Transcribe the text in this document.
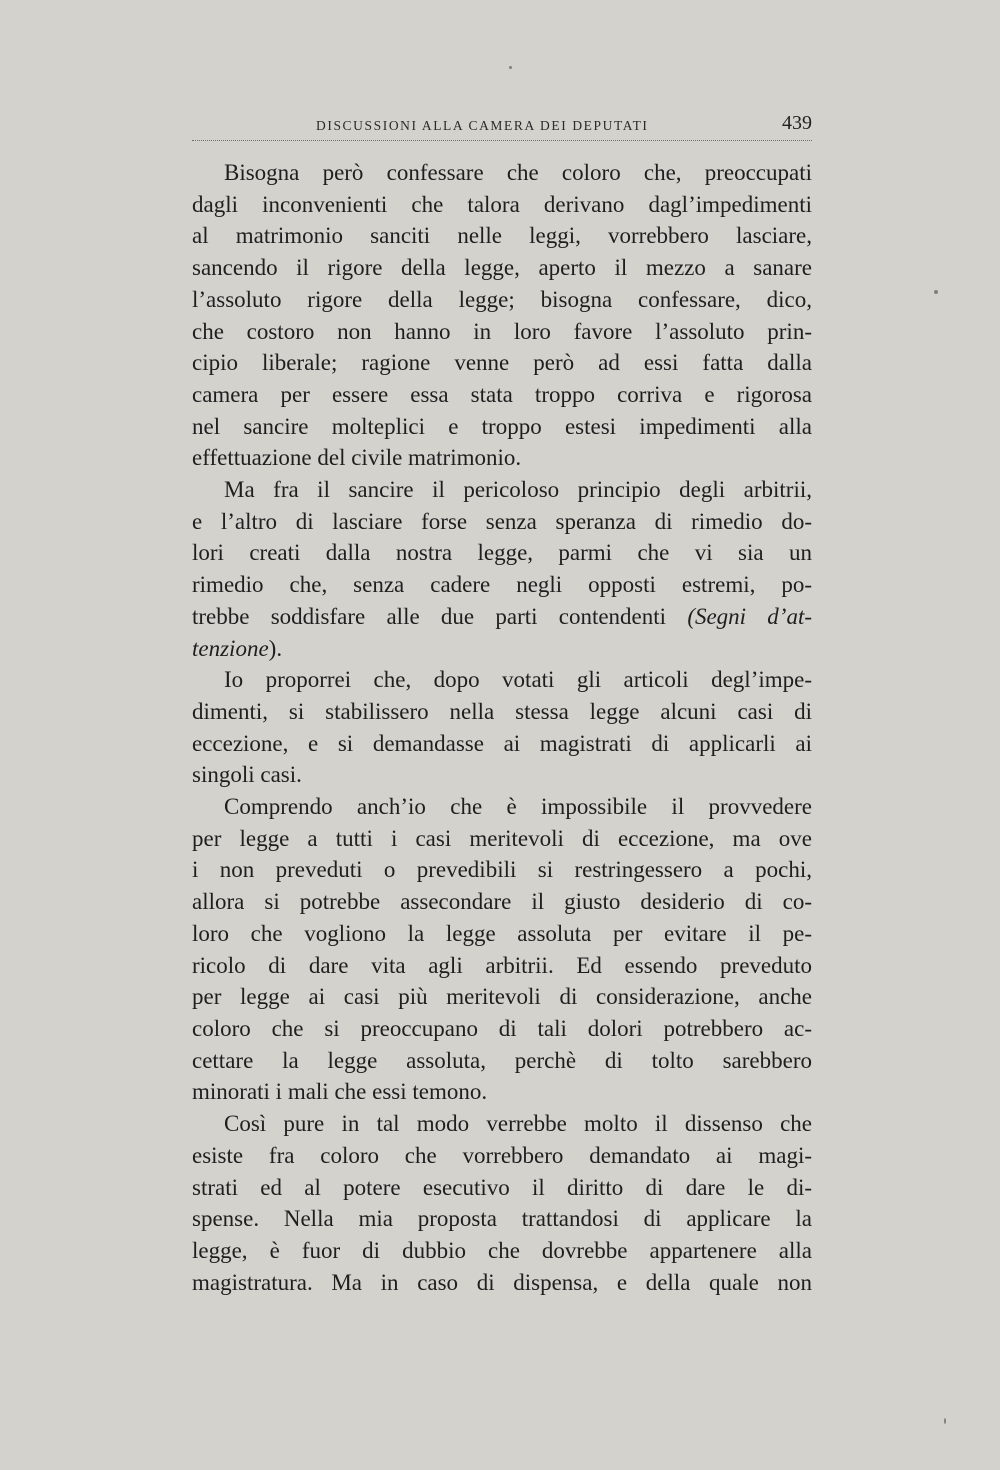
DISCUSSIONI ALLA CAMERA DEI DEPUTATI	439
Bisogna però confessare che coloro che, preoccupati
dagli inconvenienti che talora derivano dagl’impedimenti
al matrimonio sanciti nelle leggi, vorrebbero lasciare,
sancendo il rigore della legge, aperto il mezzo a sanare
l’assoluto rigore della legge; bisogna confessare, dico,
che costoro non hanno in loro favore l’assoluto prin-
cipio liberale; ragione venne però ad essi fatta dalla
camera per essere essa stata troppo corriva e rigorosa
nel sancire molteplici e troppo estesi impedimenti alla
effettuazione del civile matrimonio.
Ma fra il sancire il pericoloso principio degli arbitrii,
e l’altro di lasciare forse senza speranza di rimedio do-
lori creati dalla nostra legge, parmi che vi sia un
rimedio che, senza cadere negli opposti estremi, po-
trebbe soddisfare alle due parti contendenti (Segni d’at-
tenzione).
Io proporrei che, dopo votati gli articoli degl’impe-
dimenti, si stabilissero nella stessa legge alcuni casi di
eccezione, e si demandasse ai magistrati di applicarli ai
singoli casi.
Comprendo anch’io che è impossibile il provvedere
per legge a tutti i casi meritevoli di eccezione, ma ove
i non preveduti o prevedibili si restringessero a pochi,
allora si potrebbe assecondare il giusto desiderio di co-
loro che vogliono la legge assoluta per evitare il pe-
ricolo di dare vita agli arbitrii. Ed essendo preveduto
per legge ai casi più meritevoli di considerazione, anche
coloro che si preoccupano di tali dolori potrebbero ac-
cettare la legge assoluta, perchè di tolto sarebbero
minorati i mali che essi temono.
Così pure in tal modo verrebbe molto il dissenso che
esiste fra coloro che vorrebbero demandato ai magi-
strati ed al potere esecutivo il diritto di dare le di-
spense. Nella mia proposta trattandosi di applicare la
legge, è fuor di dubbio che dovrebbe appartenere alla
magistratura. Ma in caso di dispensa, e della quale non
